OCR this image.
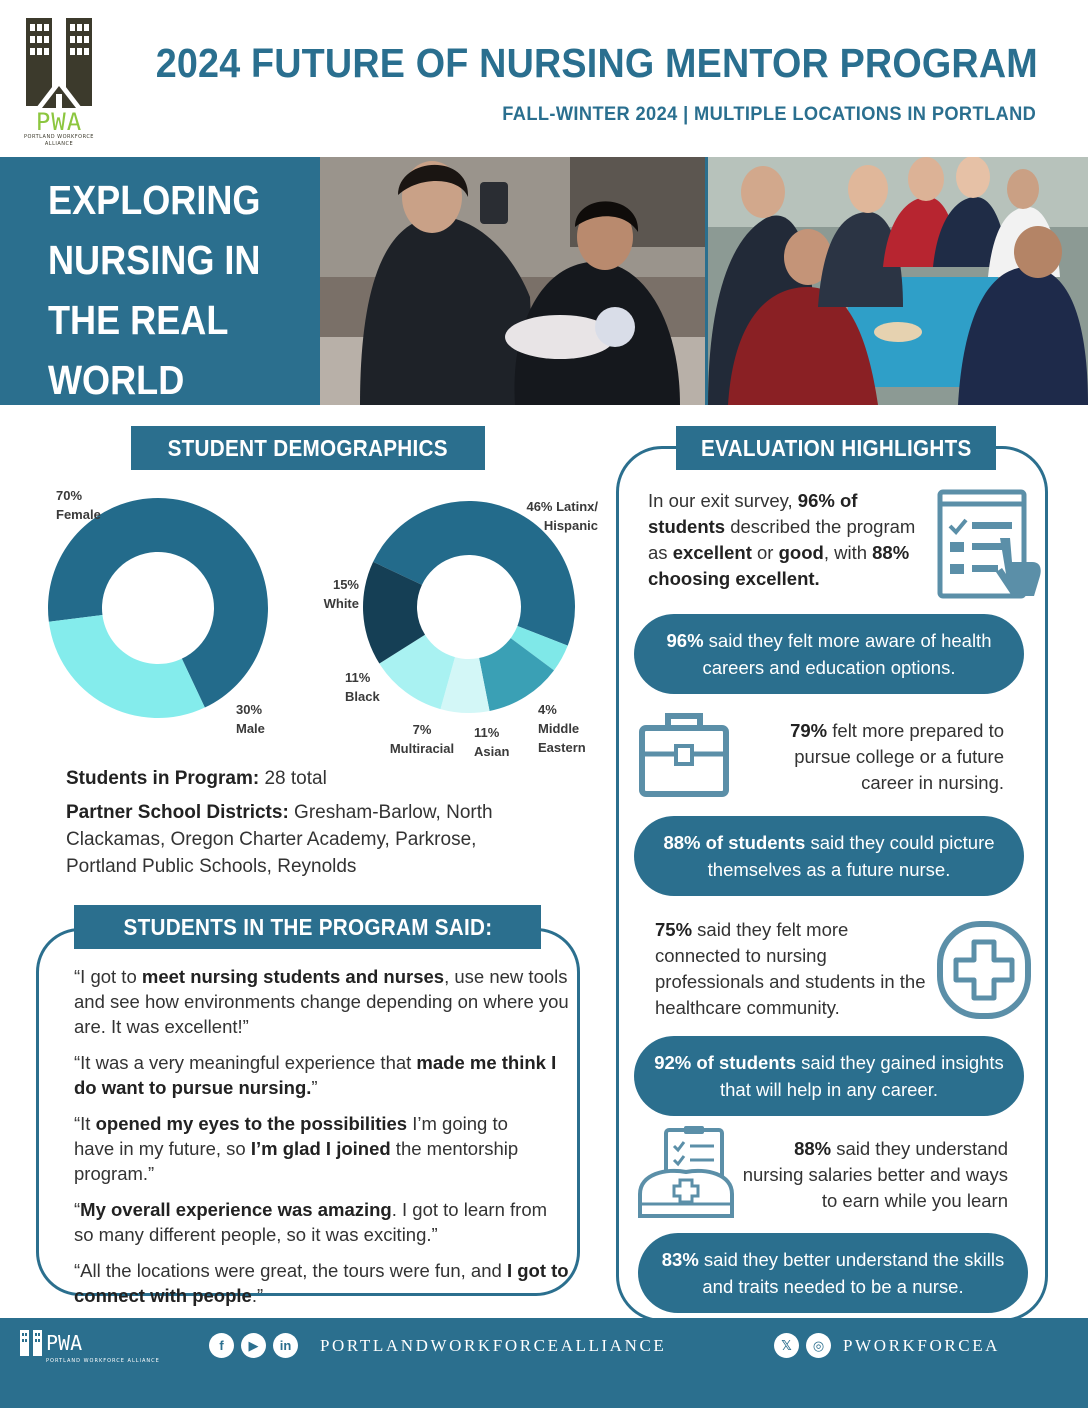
PWA
PORTLAND WORKFORCE ALLIANCE
2024 FUTURE OF NURSING MENTOR PROGRAM
FALL-WINTER 2024 | MULTIPLE LOCATIONS IN PORTLAND
EXPLORING
NURSING IN
THE REAL
WORLD
STUDENT DEMOGRAPHICS
70%
Female
30%
Male
46% Latinx/
Hispanic
4%
Middle
Eastern
11%
Asian
7%
Multiracial
11%
Black
15%
White
Students in Program: 28 total
Partner School Districts: Gresham-Barlow, North Clackamas, Oregon Charter Academy, Parkrose, Portland Public Schools, Reynolds
STUDENTS IN THE PROGRAM SAID:
“I got to meet nursing students and nurses, use new tools and see how environments change depending on where you are. It was excellent!”
“It was a very meaningful experience that made me think I do want to pursue nursing.”
“It opened my eyes to the possibilities I’m going to have in my future, so I’m glad I joined the mentorship program.”
“My overall experience was amazing. I got to learn from so many different people, so it was exciting.”
“All the locations were great, the tours were fun, and I got to connect with people.”
EVALUATION HIGHLIGHTS
In our exit survey, 96% of students described the program as excellent or good, with 88% choosing excellent.
96% said they felt more aware of health careers and education options.
79% felt more prepared to pursue college or a future career in nursing.
88% of students said they could picture themselves as a future nurse.
75% said they felt more connected to nursing professionals and students in the healthcare community.
92% of students said they gained insights that will help in any career.
88% said they understand nursing salaries better and ways to earn while you learn
83% said they better understand the skills and traits needed to be a nurse.
PWA
PORTLAND WORKFORCE ALLIANCE
f	▶	in	PORTLANDWORKFORCEALLIANCE	𝕏	◎	PWORKFORCEA
